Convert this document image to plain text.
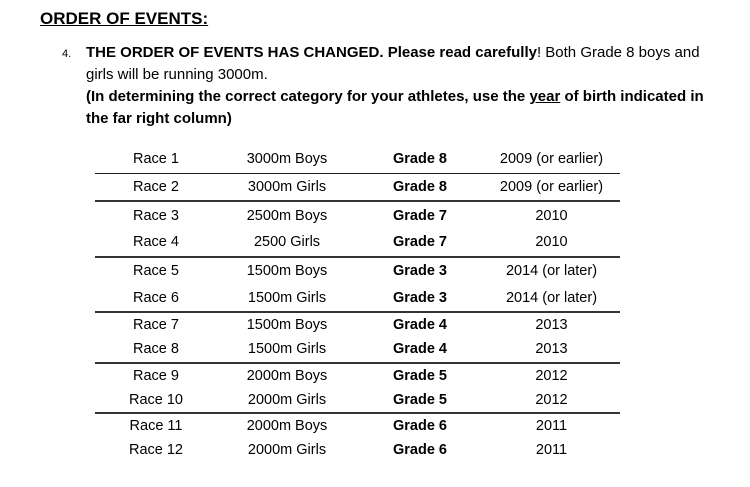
ORDER OF EVENTS:
4. THE ORDER OF EVENTS HAS CHANGED. Please read carefully! Both Grade 8 boys and girls will be running 3000m.
(In determining the correct category for your athletes, use the year of birth indicated in the far right column)
Race 1	3000m Boys	Grade 8	2009 (or earlier)
Race 2	3000m Girls	Grade 8	2009 (or earlier)
Race 3	2500m Boys	Grade 7	2010
Race 4	2500 Girls	Grade 7	2010
Race 5	1500m Boys	Grade 3	2014 (or later)
Race 6	1500m Girls	Grade 3	2014 (or later)
Race 7	1500m Boys	Grade 4	2013
Race 8	1500m Girls	Grade 4	2013
Race 9	2000m Boys	Grade 5	2012
Race 10	2000m Girls	Grade 5	2012
Race 11	2000m Boys	Grade 6	2011
Race 12	2000m Girls	Grade 6	2011
